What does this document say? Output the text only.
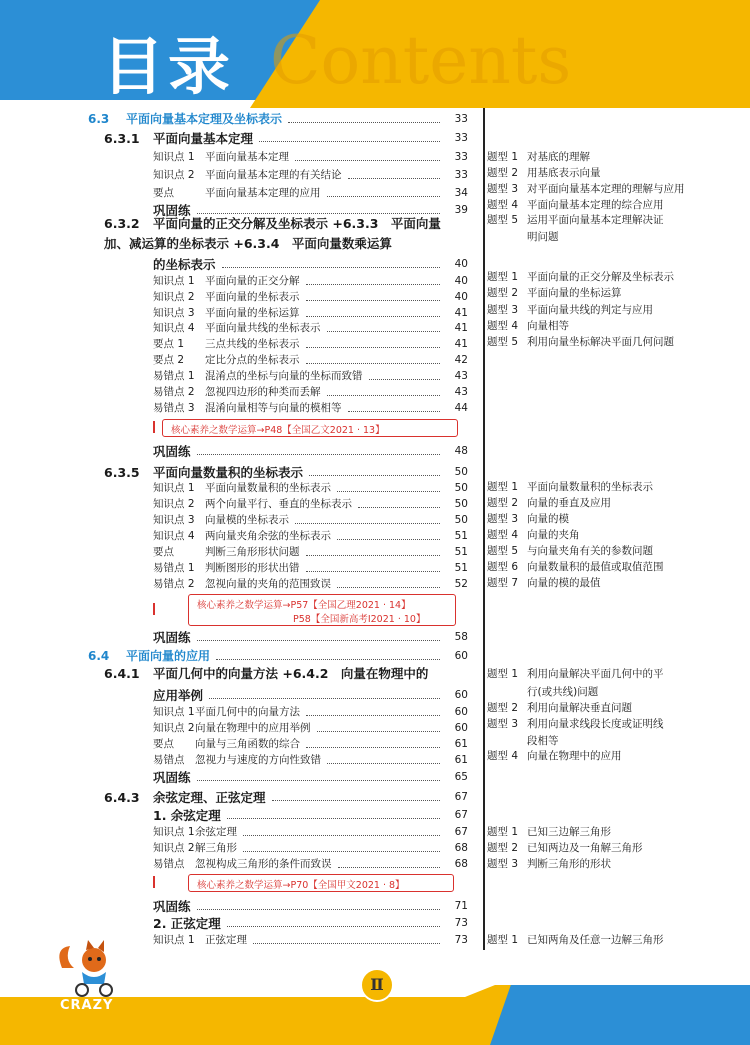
Contents
目录
6.3 平面向量基本定理及坐标表示	33
6.3.1 平面向量基本定理	33
知识点 1 平面向量基本定理	33
知识点 2 平面向量基本定理的有关结论	33
要点	平面向量基本定理的应用	34
巩固练	39
6.3.2 平面向量的正交分解及坐标表示 +6.3.3　平面向量
加、减运算的坐标表示 +6.3.4　平面向量数乘运算
的坐标表示	40
知识点 1 平面向量的正交分解	40
知识点 2 平面向量的坐标表示	40
知识点 3 平面向量的坐标运算	41
知识点 4 平面向量共线的坐标表示	41
要点 1 三点共线的坐标表示	41
要点 2 定比分点的坐标表示	42
易错点 1 混淆点的坐标与向量的坐标而致错	43
易错点 2 忽视四边形的种类而丢解	43
易错点 3 混淆向量相等与向量的模相等	44
核心素养之数学运算→P48【全国乙文2021 · 13】
巩固练	48
6.3.5 平面向量数量积的坐标表示	50
知识点 1 平面向量数量积的坐标表示	50
知识点 2 两个向量平行、垂直的坐标表示	50
知识点 3 向量模的坐标表示	50
知识点 4 两向量夹角余弦的坐标表示	51
要点	判断三角形形状问题	51
易错点 1 判断图形的形状出错	51
易错点 2 忽视向量的夹角的范围致误	52
核心素养之数学运算→P57【全国乙理2021 · 14】
P58【全国新高考Ⅰ2021 · 10】
巩固练	58
6.4 平面向量的应用	60
6.4.1 平面几何中的向量方法 +6.4.2　向量在物理中的
应用举例	60
知识点 1 平面几何中的向量方法	60
知识点 2 向量在物理中的应用举例	60
要点 向量与三角函数的综合	61
易错点 忽视力与速度的方向性致错	61
巩固练	65
6.4.3 余弦定理、正弦定理	67
1. 余弦定理	67
知识点 1 余弦定理	67
知识点 2 解三角形	68
易错点 忽视构成三角形的条件而致误	68
核心素养之数学运算→P70【全国甲文2021 · 8】
巩固练	71
2. 正弦定理	73
知识点 1 正弦定理	73
题型 1 对基底的理解
题型 2 用基底表示向量
题型 3 对平面向量基本定理的理解与应用
题型 4 平面向量基本定理的综合应用
题型 5 运用平面向量基本定理解决证
明问题
题型 1 平面向量的正交分解及坐标表示
题型 2 平面向量的坐标运算
题型 3 平面向量共线的判定与应用
题型 4 向量相等
题型 5 利用向量坐标解决平面几何问题
题型 1 平面向量数量积的坐标表示
题型 2 向量的垂直及应用
题型 3 向量的模
题型 4 向量的夹角
题型 5 与向量夹角有关的参数问题
题型 6 向量数量积的最值或取值范围
题型 7 向量的模的最值
题型 1 利用向量解决平面几何中的平
行(或共线)问题
题型 2 利用向量解决垂直问题
题型 3 利用向量求线段长度或证明线
段相等
题型 4 向量在物理中的应用
题型 1 已知三边解三角形
题型 2 已知两边及一角解三角形
题型 3 判断三角形的形状
题型 1 已知两角及任意一边解三角形
CRAZY
Ⅱ
